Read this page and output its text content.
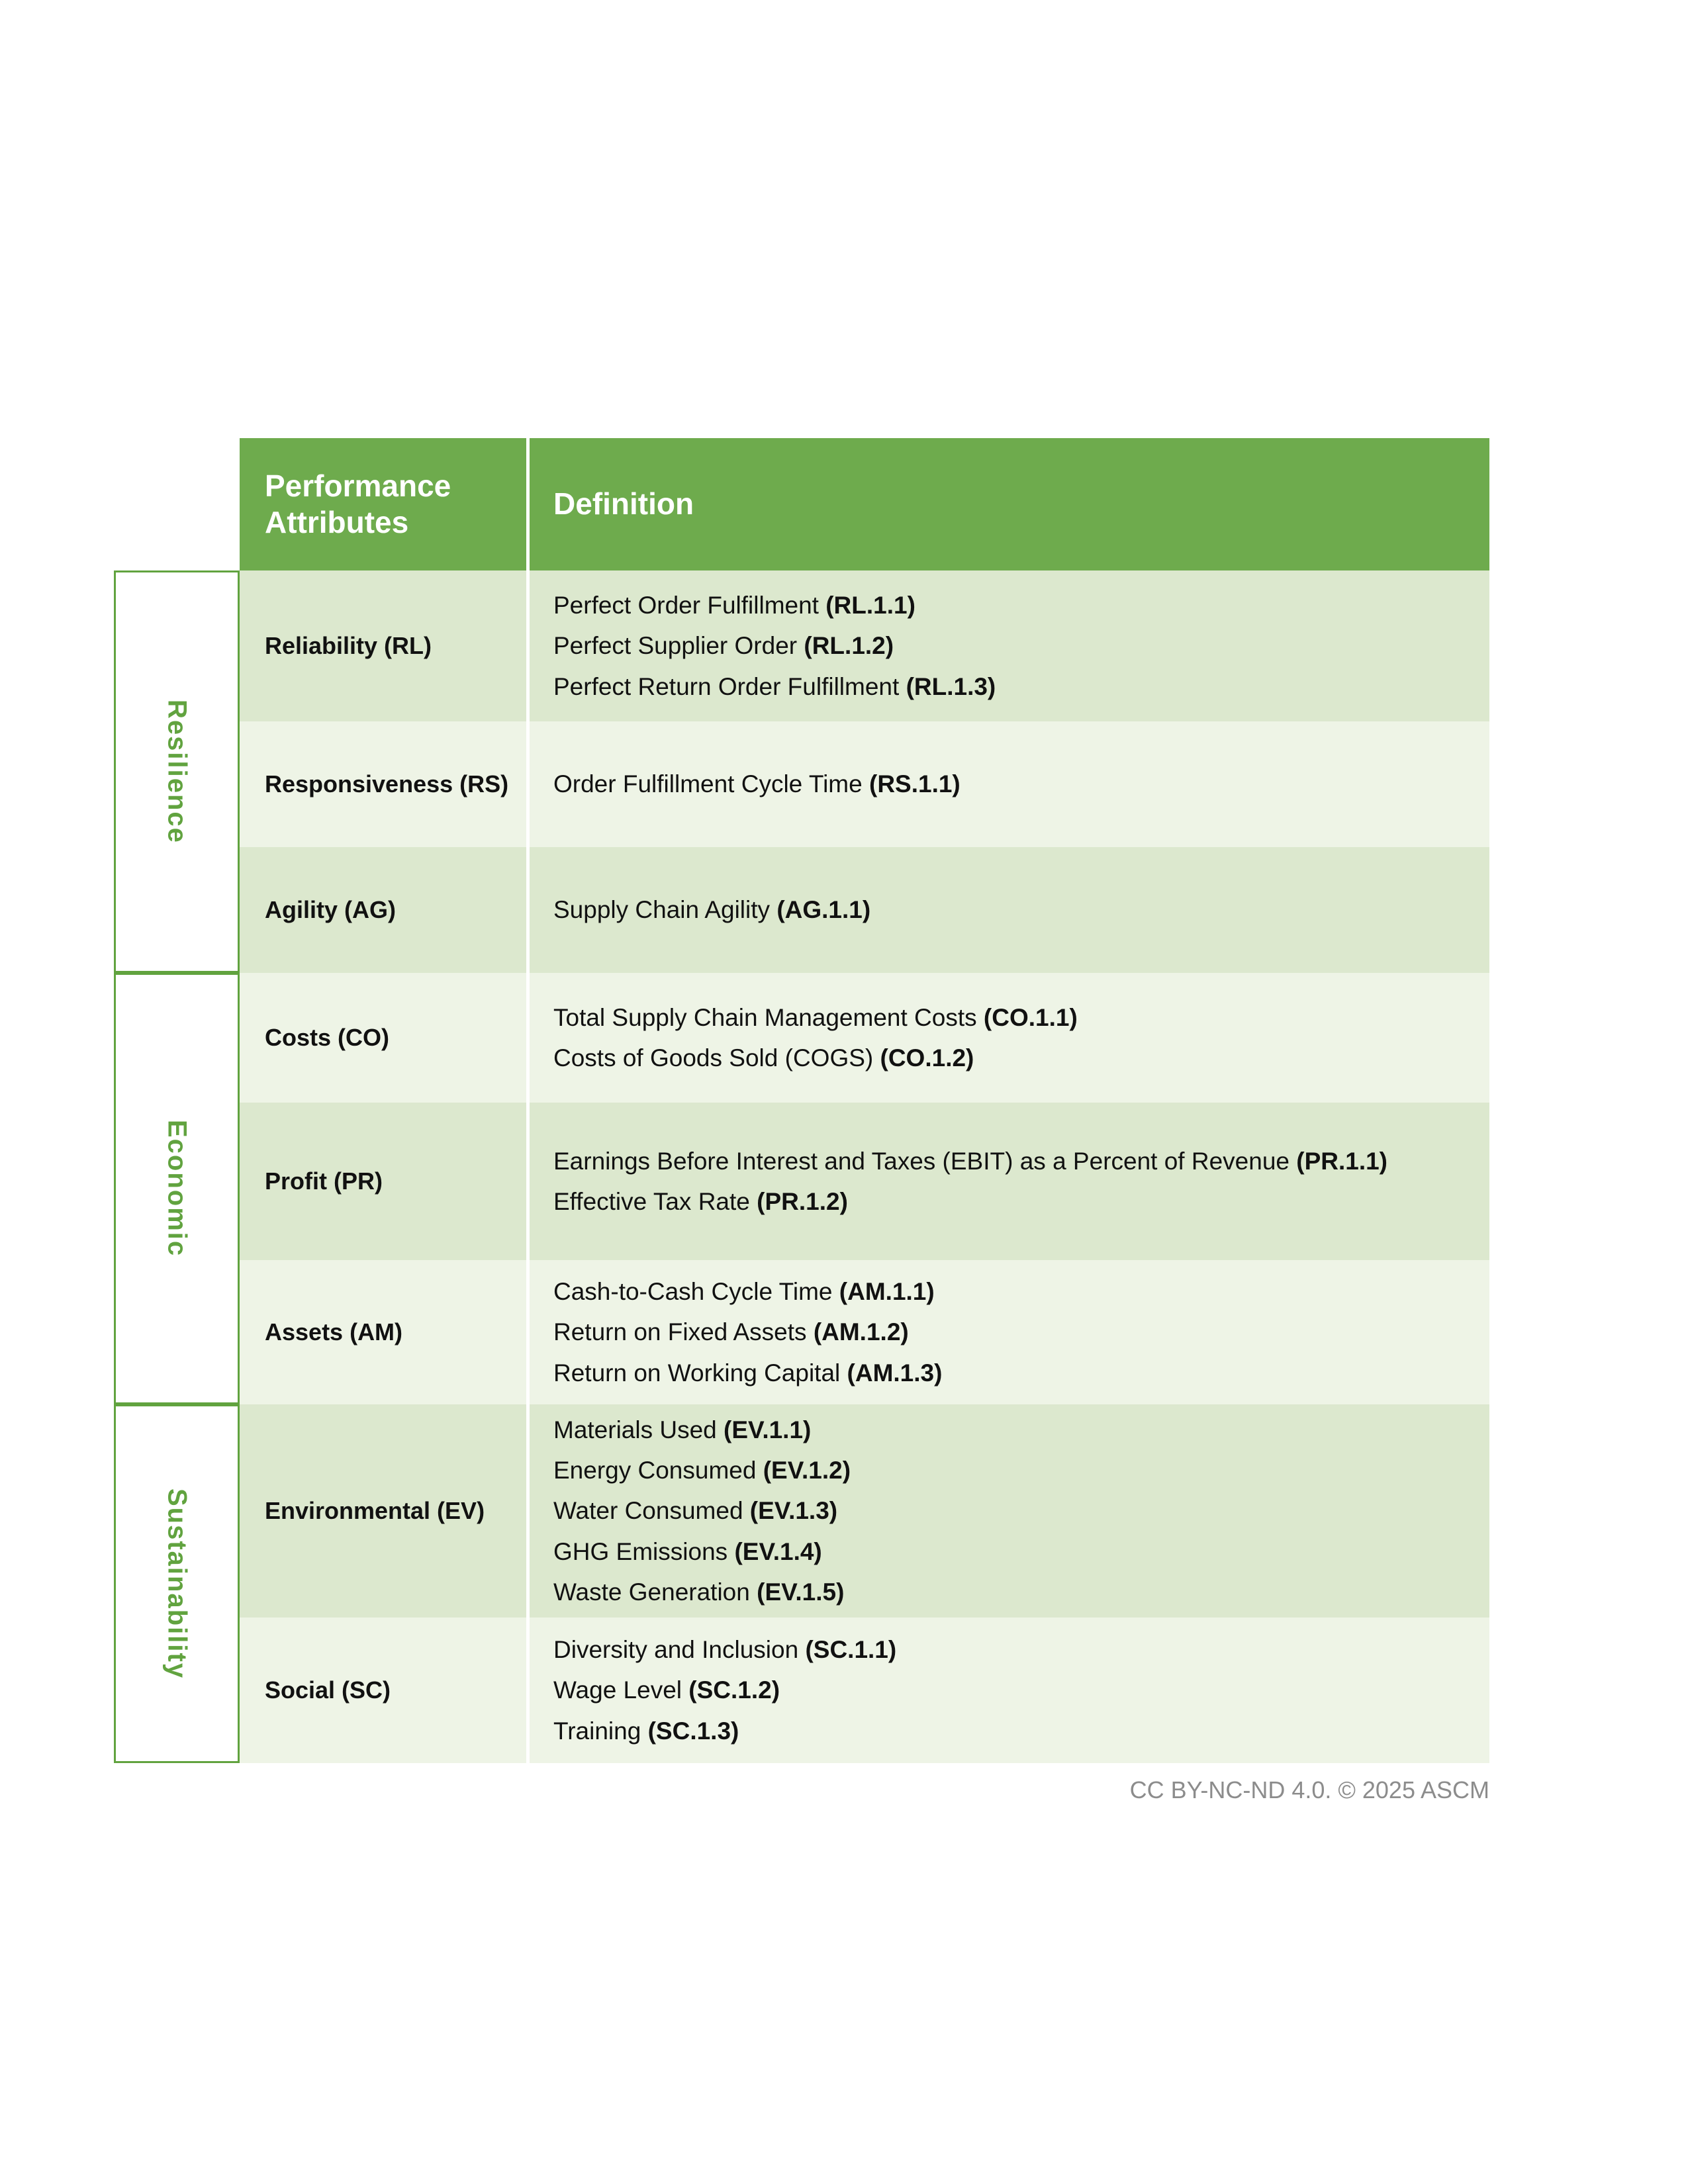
Performance Attributes
Definition
Resilience
Reliability (RL)
Perfect Order Fulfillment (RL.1.1)
Perfect Supplier Order (RL.1.2)
Perfect Return Order Fulfillment (RL.1.3)
Responsiveness (RS) Order Fulfillment Cycle Time (RS.1.1)
Agility (AG)	Supply Chain Agility (AG.1.1)
Economic
Costs (CO)
Total Supply Chain Management Costs (CO.1.1)
Costs of Goods Sold (COGS) (CO.1.2)
Profit (PR)
Earnings Before Interest and Taxes (EBIT) as a Percent of Revenue (PR.1.1)
Effective Tax Rate (PR.1.2)
Assets (AM)
Cash-to-Cash Cycle Time (AM.1.1)
Return on Fixed Assets (AM.1.2)
Return on Working Capital (AM.1.3)
Sustainability	Environmental (EV)
Materials Used (EV.1.1)
Energy Consumed (EV.1.2)
Water Consumed (EV.1.3)
GHG Emissions (EV.1.4)
Waste Generation (EV.1.5)
Social (SC)
Diversity and Inclusion (SC.1.1)
Wage Level (SC.1.2)
Training (SC.1.3)
CC BY-NC-ND 4.0. © 2025 ASCM
